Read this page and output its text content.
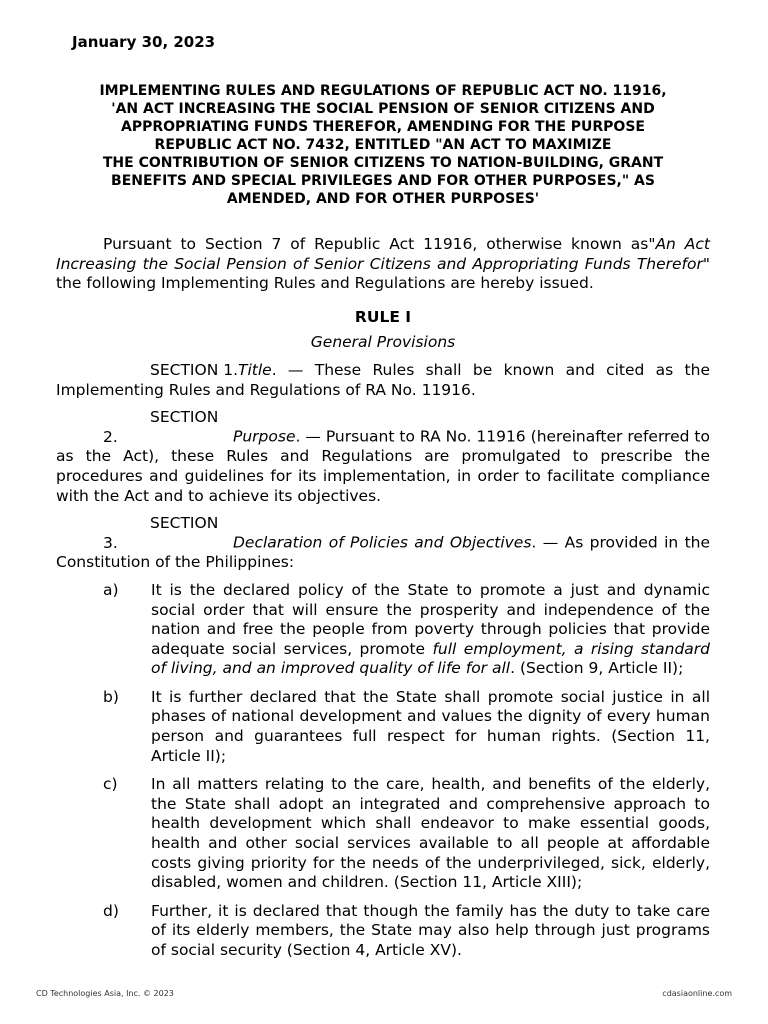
January 30, 2023
IMPLEMENTING RULES AND REGULATIONS OF REPUBLIC ACT NO. 11916,
'AN ACT INCREASING THE SOCIAL PENSION OF SENIOR CITIZENS AND
APPROPRIATING FUNDS THEREFOR, AMENDING FOR THE PURPOSE
REPUBLIC ACT NO. 7432, ENTITLED "AN ACT TO MAXIMIZE
THE CONTRIBUTION OF SENIOR CITIZENS TO NATION-BUILDING, GRANT
BENEFITS AND SPECIAL PRIVILEGES AND FOR OTHER PURPOSES," AS
AMENDED, AND FOR OTHER PURPOSES'

Pursuant to Section 7 of Republic Act 11916, otherwise known as"An Act Increasing the Social Pension of Senior Citizens and Appropriating Funds Therefor" the following Implementing Rules and Regulations are hereby issued.

RULE I

General Provisions

SECTION 1.Title. — These Rules shall be known and cited as the Implementing Rules and Regulations of RA No. 11916.

SECTION 2.	Purpose. — Pursuant to RA No. 11916 (hereinafter referred to as the Act), these Rules and Regulations are promulgated to prescribe the procedures and guidelines for its implementation, in order to facilitate compliance with the Act and to achieve its objectives.

SECTION 3.	Declaration of Policies and Objectives. — As provided in the Constitution of the Philippines:

a) It is the declared policy of the State to promote a just and dynamic social order that will ensure the prosperity and independence of the nation and free the people from poverty through policies that provide adequate social services, promote full employment, a rising standard of living, and an improved quality of life for all. (Section 9, Article II);
b) It is further declared that the State shall promote social justice in all phases of national development and values the dignity of every human person and guarantees full respect for human rights. (Section 11, Article II);
c) In all matters relating to the care, health, and benefits of the elderly, the State shall adopt an integrated and comprehensive approach to health development which shall endeavor to make essential goods, health and other social services available to all people at affordable costs giving priority for the needs of the underprivileged, sick, elderly, disabled, women and children. (Section 11, Article XIII);
d) Further, it is declared that though the family has the duty to take care of its elderly members, the State may also help through just programs of social security (Section 4, Article XV).
CD Technologies Asia, Inc. © 2023	cdasiaonline.com
